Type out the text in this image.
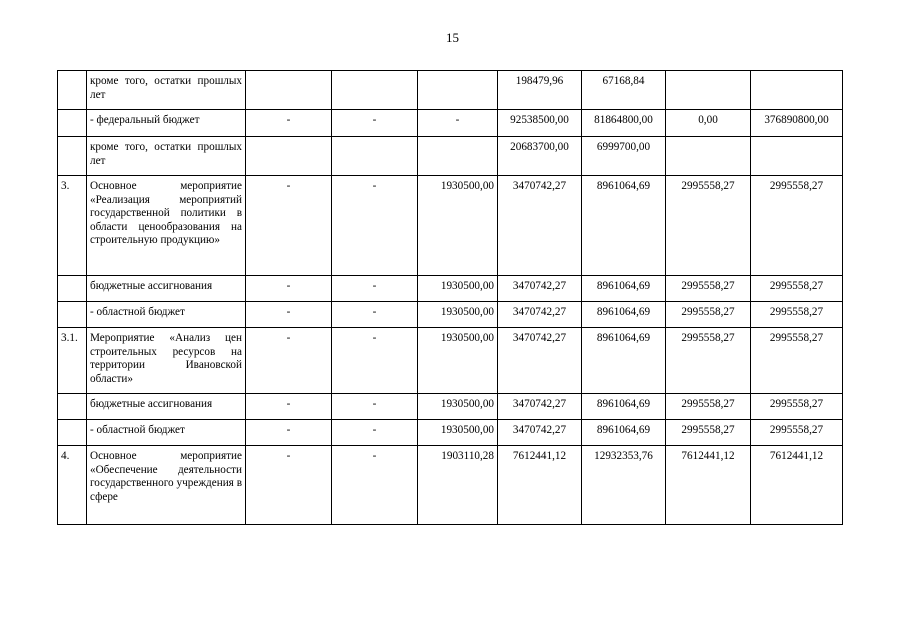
15
	кроме того, остатки прошлых лет				198479,96	67168,84		
	- федеральный бюджет	-	-	-	92538500,00	81864800,00	0,00	376890800,00
	кроме того, остатки прошлых лет				20683700,00	6999700,00		
3.	Основное мероприятие «Реализация мероприятий государственной политики в области ценообразования на строительную продукцию»	-	-	1930500,00	3470742,27	8961064,69	2995558,27	2995558,27
	бюджетные ассигнования	-	-	1930500,00	3470742,27	8961064,69	2995558,27	2995558,27
	- областной бюджет	-	-	1930500,00	3470742,27	8961064,69	2995558,27	2995558,27
3.1.	Мероприятие «Анализ цен строительных ресурсов на территории Ивановской области»	-	-	1930500,00	3470742,27	8961064,69	2995558,27	2995558,27
	бюджетные ассигнования	-	-	1930500,00	3470742,27	8961064,69	2995558,27	2995558,27
	- областной бюджет	-	-	1930500,00	3470742,27	8961064,69	2995558,27	2995558,27
4.	Основное мероприятие «Обеспечение деятельности государственного учреждения в сфере	-	-	1903110,28	7612441,12	12932353,76	7612441,12	7612441,12
